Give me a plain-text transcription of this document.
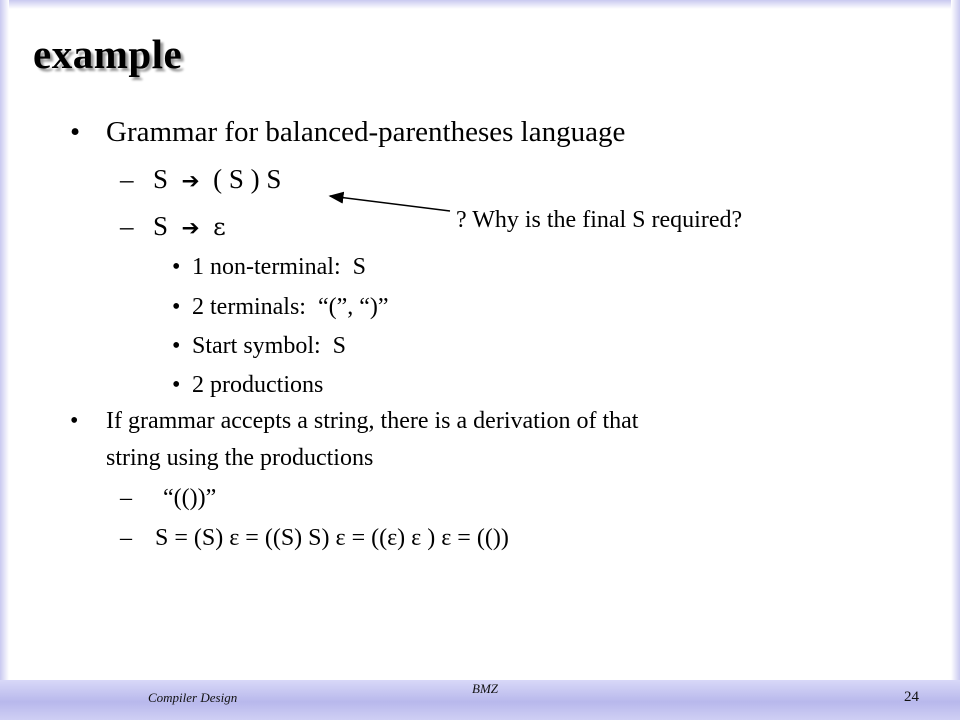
example
• Grammar for balanced-parentheses language
– S ➔ ( S ) S
– S ➔ ε	? Why is the final S required?
• 1 non-terminal: S
• 2 terminals: “(”, “)”
• Start symbol: S
• 2 productions
• If grammar accepts a string, there is a derivation of that
string using the productions
– “(())”
– S = (S) ε = ((S) S) ε = ((ε) ε ) ε = (())
Compiler Design
BMZ
24
